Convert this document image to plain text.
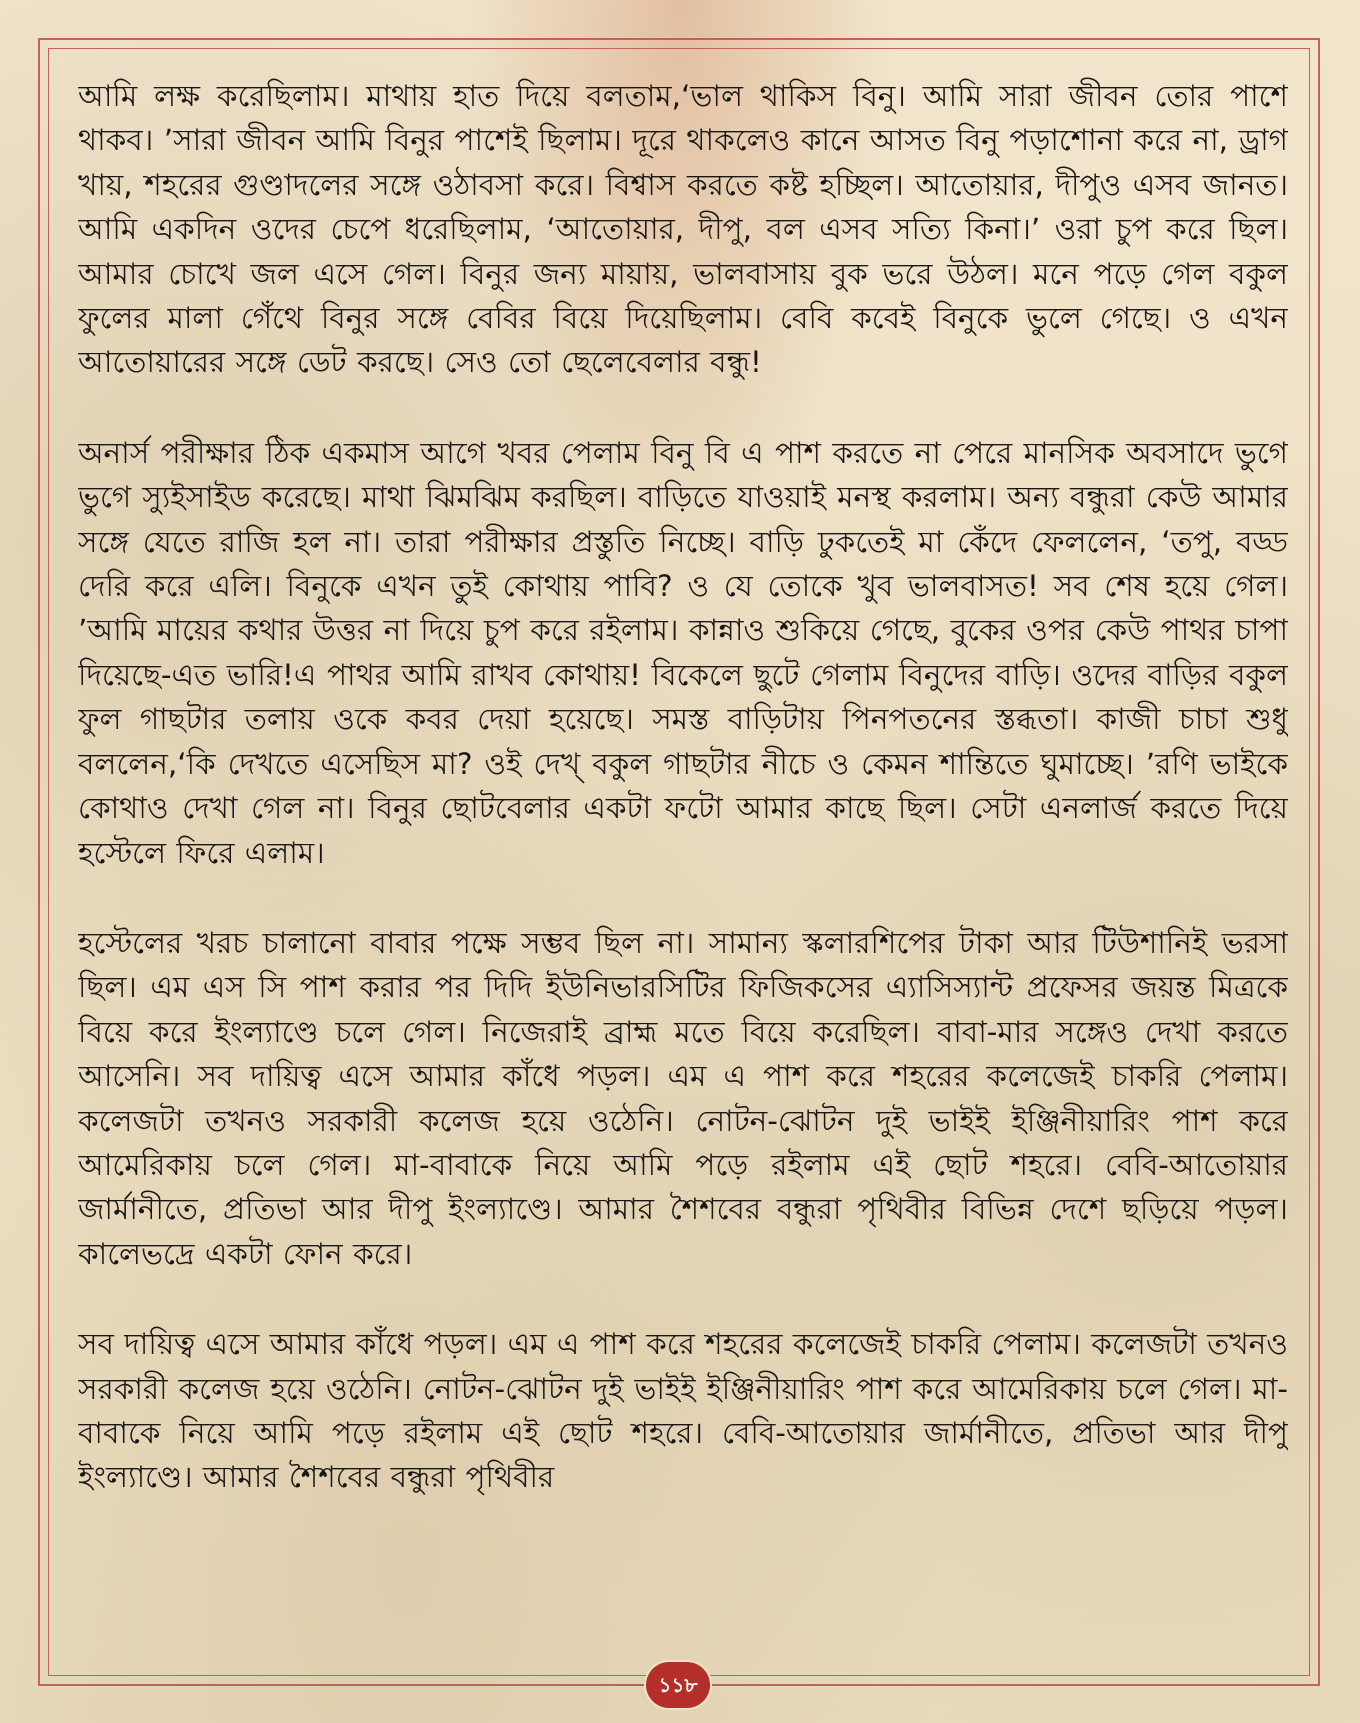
আমি লক্ষ করেছিলাম। মাথায় হাত দিয়ে বলতাম,‘ভাল থাকিস বিনু। আমি সারা জীবন তোর পাশে থাকব। ’সারা জীবন আমি বিনুর পাশেই ছিলাম। দূরে থাকলেও কানে আসত বিনু পড়াশোনা করে না, ড্রাগ খায়, শহরের গুণ্ডাদলের সঙ্গে ওঠাবসা করে। বিশ্বাস করতে কষ্ট হচ্ছিল। আতোয়ার, দীপুও এসব জানত। আমি একদিন ওদের চেপে ধরেছিলাম, ‘আতোয়ার, দীপু, বল এসব সত্যি কিনা।’ ওরা চুপ করে ছিল। আমার চোখে জল এসে গেল। বিনুর জন্য মায়ায়, ভালবাসায় বুক ভরে উঠল। মনে পড়ে গেল বকুল ফুলের মালা গেঁথে বিনুর সঙ্গে বেবির বিয়ে দিয়েছিলাম। বেবি কবেই বিনুকে ভুলে গেছে। ও এখন আতোয়ারের সঙ্গে ডেট করছে। সেও তো ছেলেবেলার বন্ধু!

অনার্স পরীক্ষার ঠিক একমাস আগে খবর পেলাম বিনু বি এ পাশ করতে না পেরে মানসিক অবসাদে ভুগে ভুগে স্যুইসাইড করেছে। মাথা ঝিমঝিম করছিল। বাড়িতে যাওয়াই মনস্থ করলাম। অন্য বন্ধুরা কেউ আমার সঙ্গে যেতে রাজি হল না। তারা পরীক্ষার প্রস্তুতি নিচ্ছে। বাড়ি ঢুকতেই মা কেঁদে ফেললেন, ‘তপু, বড্ড দেরি করে এলি। বিনুকে এখন তুই কোথায় পাবি? ও যে তোকে খুব ভালবাসত! সব শেষ হয়ে গেল। ’আমি মায়ের কথার উত্তর না দিয়ে চুপ করে রইলাম। কান্নাও শুকিয়ে গেছে, বুকের ওপর কেউ পাথর চাপা দিয়েছে-এত ভারি!এ পাথর আমি রাখব কোথায়! বিকেলে ছুটে গেলাম বিনুদের বাড়ি। ওদের বাড়ির বকুল ফুল গাছটার তলায় ওকে কবর দেয়া হয়েছে। সমস্ত বাড়িটায় পিনপতনের স্তব্ধতা। কাজী চাচা শুধু বললেন,‘কি দেখতে এসেছিস মা? ওই দেখ্ বকুল গাছটার নীচে ও কেমন শান্তিতে ঘুমাচ্ছে। ’রণি ভাইকে কোথাও দেখা গেল না। বিনুর ছোটবেলার একটা ফটো আমার কাছে ছিল। সেটা এনলার্জ করতে দিয়ে হস্টেলে ফিরে এলাম।

হস্টেলের খরচ চালানো বাবার পক্ষে সম্ভব ছিল না। সামান্য স্কলারশিপের টাকা আর টিউশানিই ভরসা ছিল। এম এস সি পাশ করার পর দিদি ইউনিভারসিটির ফিজিকসের এ্যাসিস্যান্ট প্রফেসর জয়ন্ত মিত্রকে বিয়ে করে ইংল্যাণ্ডে চলে গেল। নিজেরাই ব্রাহ্ম মতে বিয়ে করেছিল। বাবা-মার সঙ্গেও দেখা করতে আসেনি। সব দায়িত্ব এসে আমার কাঁধে পড়ল। এম এ পাশ করে শহরের কলেজেই চাকরি পেলাম। কলেজটা তখনও সরকারী কলেজ হয়ে ওঠেনি। নোটন-ঝোটন দুই ভাইই ইঞ্জিনীয়ারিং পাশ করে আমেরিকায় চলে গেল। মা-বাবাকে নিয়ে আমি পড়ে রইলাম এই ছোট শহরে। বেবি-আতোয়ার জার্মানীতে, প্রতিভা আর দীপু ইংল্যাণ্ডে। আমার শৈশবের বন্ধুরা পৃথিবীর বিভিন্ন দেশে ছড়িয়ে পড়ল। কালেভদ্রে একটা ফোন করে।

সব দায়িত্ব এসে আমার কাঁধে পড়ল। এম এ পাশ করে শহরের কলেজেই চাকরি পেলাম। কলেজটা তখনও সরকারী কলেজ হয়ে ওঠেনি। নোটন-ঝোটন দুই ভাইই ইঞ্জিনীয়ারিং পাশ করে আমেরিকায় চলে গেল। মা-বাবাকে নিয়ে আমি পড়ে রইলাম এই ছোট শহরে। বেবি-আতোয়ার জার্মানীতে, প্রতিভা আর দীপু ইংল্যাণ্ডে। আমার শৈশবের বন্ধুরা পৃথিবীর

১১৮
